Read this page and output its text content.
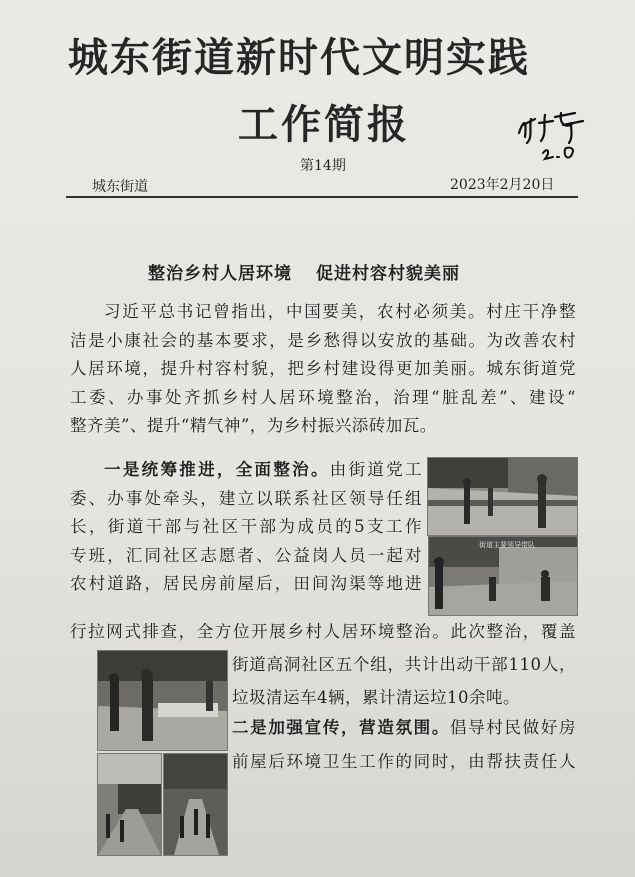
城东街道新时代文明实践
工作简报
第14期
城东街道	2023年2月20日
整治乡村人居环境 促进村容村貌美丽
习近平总书记曾指出，中国要美，农村必须美。村庄干净整
洁是小康社会的基本要求，是乡愁得以安放的基础。为改善农村
人居环境，提升村容村貌，把乡村建设得更加美丽。城东街道党
工委、办事处齐抓乡村人居环境整治，治理“脏乱差”、建设“
整齐美”、提升“精气神”，为乡村振兴添砖加瓦。
一是统筹推进，全面整治。由街道党工
委、办事处牵头，建立以联系社区领导任组
长，街道干部与社区干部为成员的5支工作
专班，汇同社区志愿者、公益岗人员一起对
农村道路，居民房前屋后，田间沟渠等地进
行拉网式排查，全方位开展乡村人居环境整治。此次整治，覆盖
街道高洞社区五个组，共计出动干部110人，
垃圾清运车4辆，累计清运垃10余吨。
二是加强宣传，营造氛围。倡导村民做好房
前屋后环境卫生工作的同时，由帮扶责任人
街道主要领导带队
